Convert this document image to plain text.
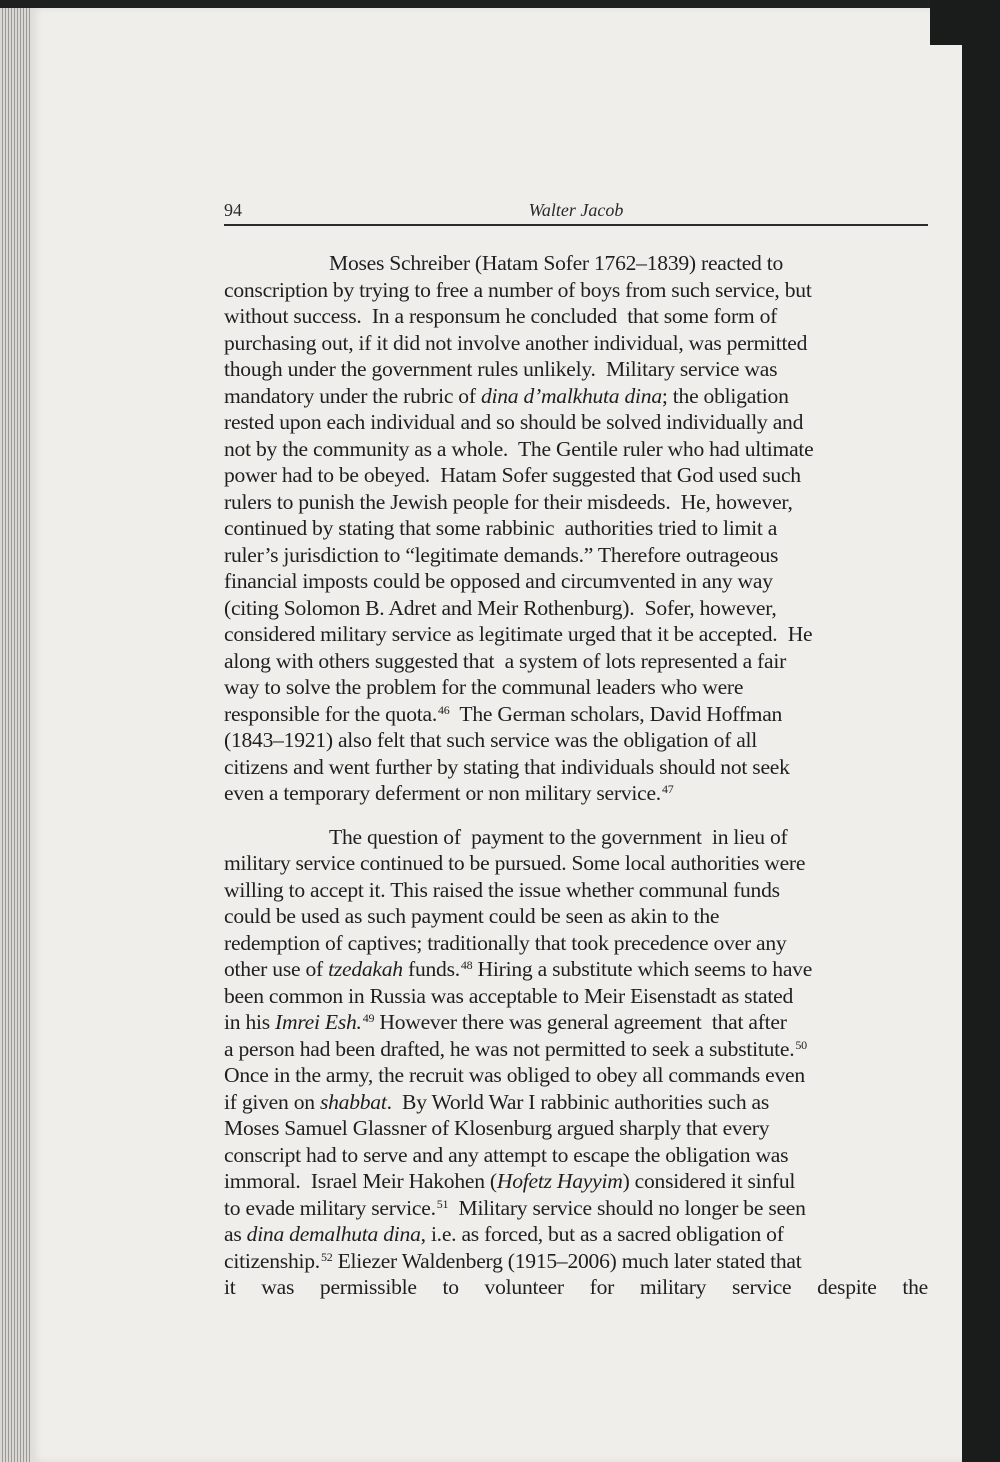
94	Walter Jacob
Moses Schreiber (Hatam Sofer 1762–1839) reacted to
conscription by trying to free a number of boys from such service, but
without success.  In a responsum he concluded  that some form of
purchasing out, if it did not involve another individual, was permitted
though under the government rules unlikely.  Military service was
mandatory under the rubric of dina d’malkhuta dina; the obligation
rested upon each individual and so should be solved individually and
not by the community as a whole.  The Gentile ruler who had ultimate
power had to be obeyed.  Hatam Sofer suggested that God used such
rulers to punish the Jewish people for their misdeeds.  He, however,
continued by stating that some rabbinic  authorities tried to limit a
ruler’s jurisdiction to “legitimate demands.” Therefore outrageous
financial imposts could be opposed and circumvented in any way
(citing Solomon B. Adret and Meir Rothenburg).  Sofer, however,
considered military service as legitimate urged that it be accepted.  He
along with others suggested that  a system of lots represented a fair
way to solve the problem for the communal leaders who were
responsible for the quota.$^{46}$  The German scholars, David Hoffman
(1843–1921) also felt that such service was the obligation of all
citizens and went further by stating that individuals should not seek
even a temporary deferment or non military service.$^{47}$
The question of  payment to the government  in lieu of
military service continued to be pursued. Some local authorities were
willing to accept it. This raised the issue whether communal funds
could be used as such payment could be seen as akin to the
redemption of captives; traditionally that took precedence over any
other use of tzedakah funds.$^{48}$ Hiring a substitute which seems to have
been common in Russia was acceptable to Meir Eisenstadt as stated
in his Imrei Esh.$^{49}$ However there was general agreement  that after
a person had been drafted, he was not permitted to seek a substitute.$^{50}$
Once in the army, the recruit was obliged to obey all commands even
if given on shabbat.  By World War I rabbinic authorities such as
Moses Samuel Glassner of Klosenburg argued sharply that every
conscript had to serve and any attempt to escape the obligation was
immoral.  Israel Meir Hakohen (Hofetz Hayyim) considered it sinful
to evade military service.$^{51}$  Military service should no longer be seen
as dina demalhuta dina, i.e. as forced, but as a sacred obligation of
citizenship.$^{52}$ Eliezer Waldenberg (1915–2006) much later stated that
it was permissible to volunteer for military service despite the
